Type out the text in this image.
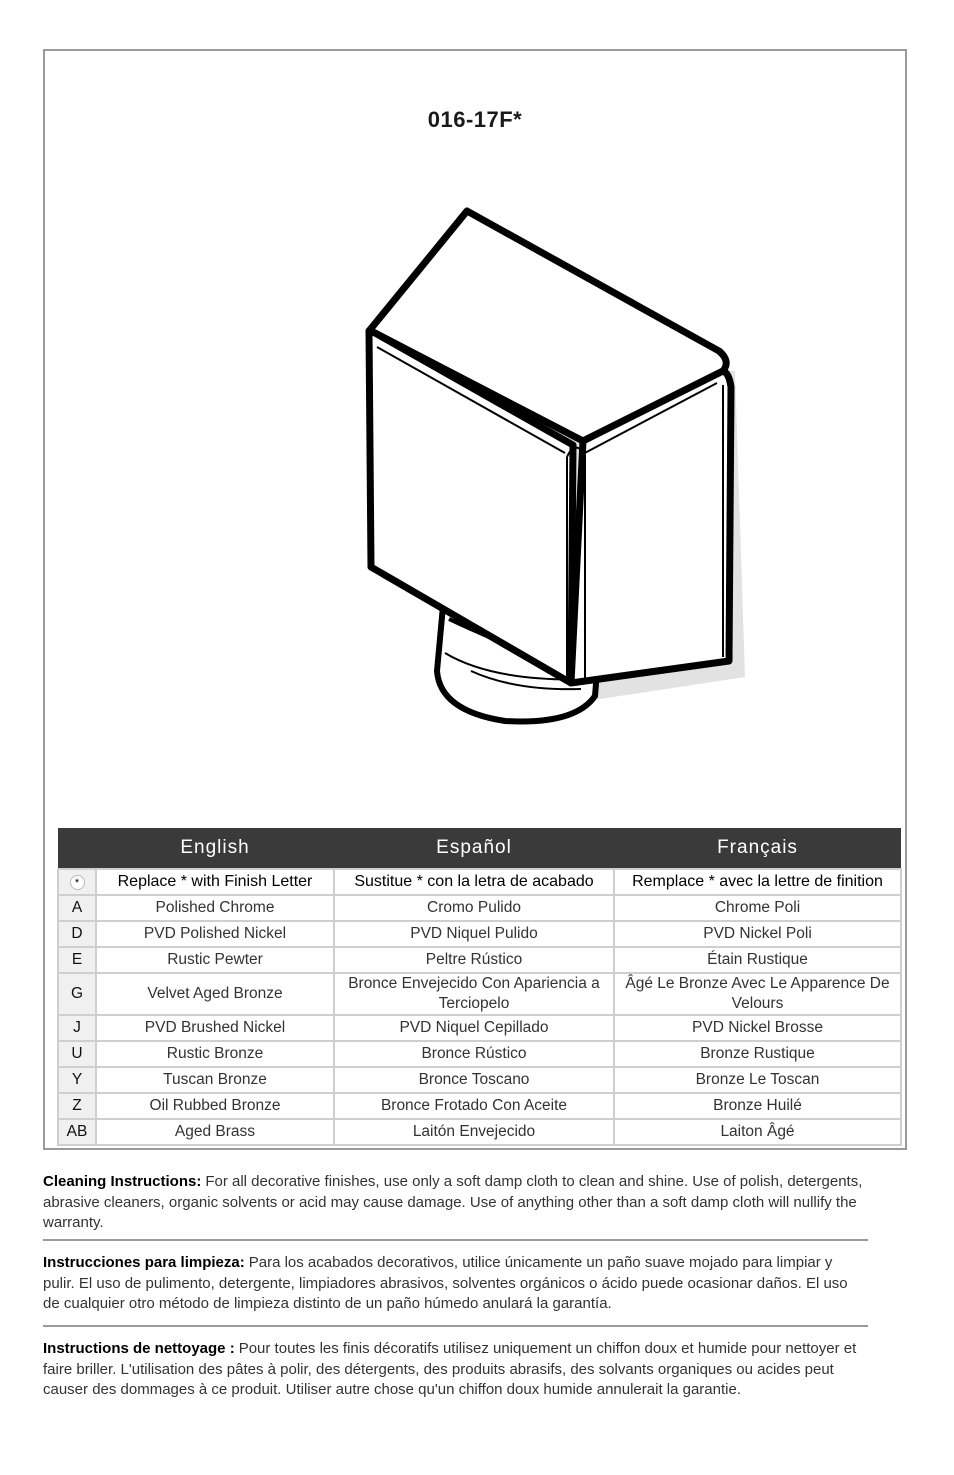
016-17F*
	English	Español	Français
*	Replace * with Finish Letter	Sustitue * con la letra de acabado	Remplace * avec la lettre de finition
A	Polished Chrome	Cromo Pulido	Chrome Poli
D	PVD Polished Nickel	PVD Niquel Pulido	PVD Nickel Poli
E	Rustic Pewter	Peltre Rústico	Étain Rustique
G	Velvet Aged Bronze	Bronce Envejecido Con Apariencia a Terciopelo	Âgé Le Bronze Avec Le Apparence De Velours
J	PVD Brushed Nickel	PVD Niquel Cepillado	PVD Nickel Brosse
U	Rustic Bronze	Bronce Rústico	Bronze Rustique
Y	Tuscan Bronze	Bronce Toscano	Bronze Le Toscan
Z	Oil Rubbed Bronze	Bronce Frotado Con Aceite	Bronze Huilé
AB	Aged Brass	Laitón Envejecido	Laiton Âgé
Cleaning Instructions: For all decorative finishes, use only a soft damp cloth to clean and shine. Use of polish, detergents, abrasive cleaners, organic solvents or acid may cause damage. Use of anything other than a soft damp cloth will nullify the warranty.
Instrucciones para limpieza: Para los acabados decorativos, utilice únicamente un paño suave mojado para limpiar y pulir. El uso de pulimento, detergente, limpiadores abrasivos, solventes orgánicos o ácido puede ocasionar daños. El uso de cualquier otro método de limpieza distinto de un paño húmedo anulará la garantía.
Instructions de nettoyage : Pour toutes les finis décoratifs utilisez uniquement un chiffon doux et humide pour nettoyer et faire briller. L'utilisation des pâtes à polir, des détergents, des produits abrasifs, des solvants organiques ou acides peut causer des dommages à ce produit. Utiliser autre chose qu'un chiffon doux humide annulerait la garantie.
